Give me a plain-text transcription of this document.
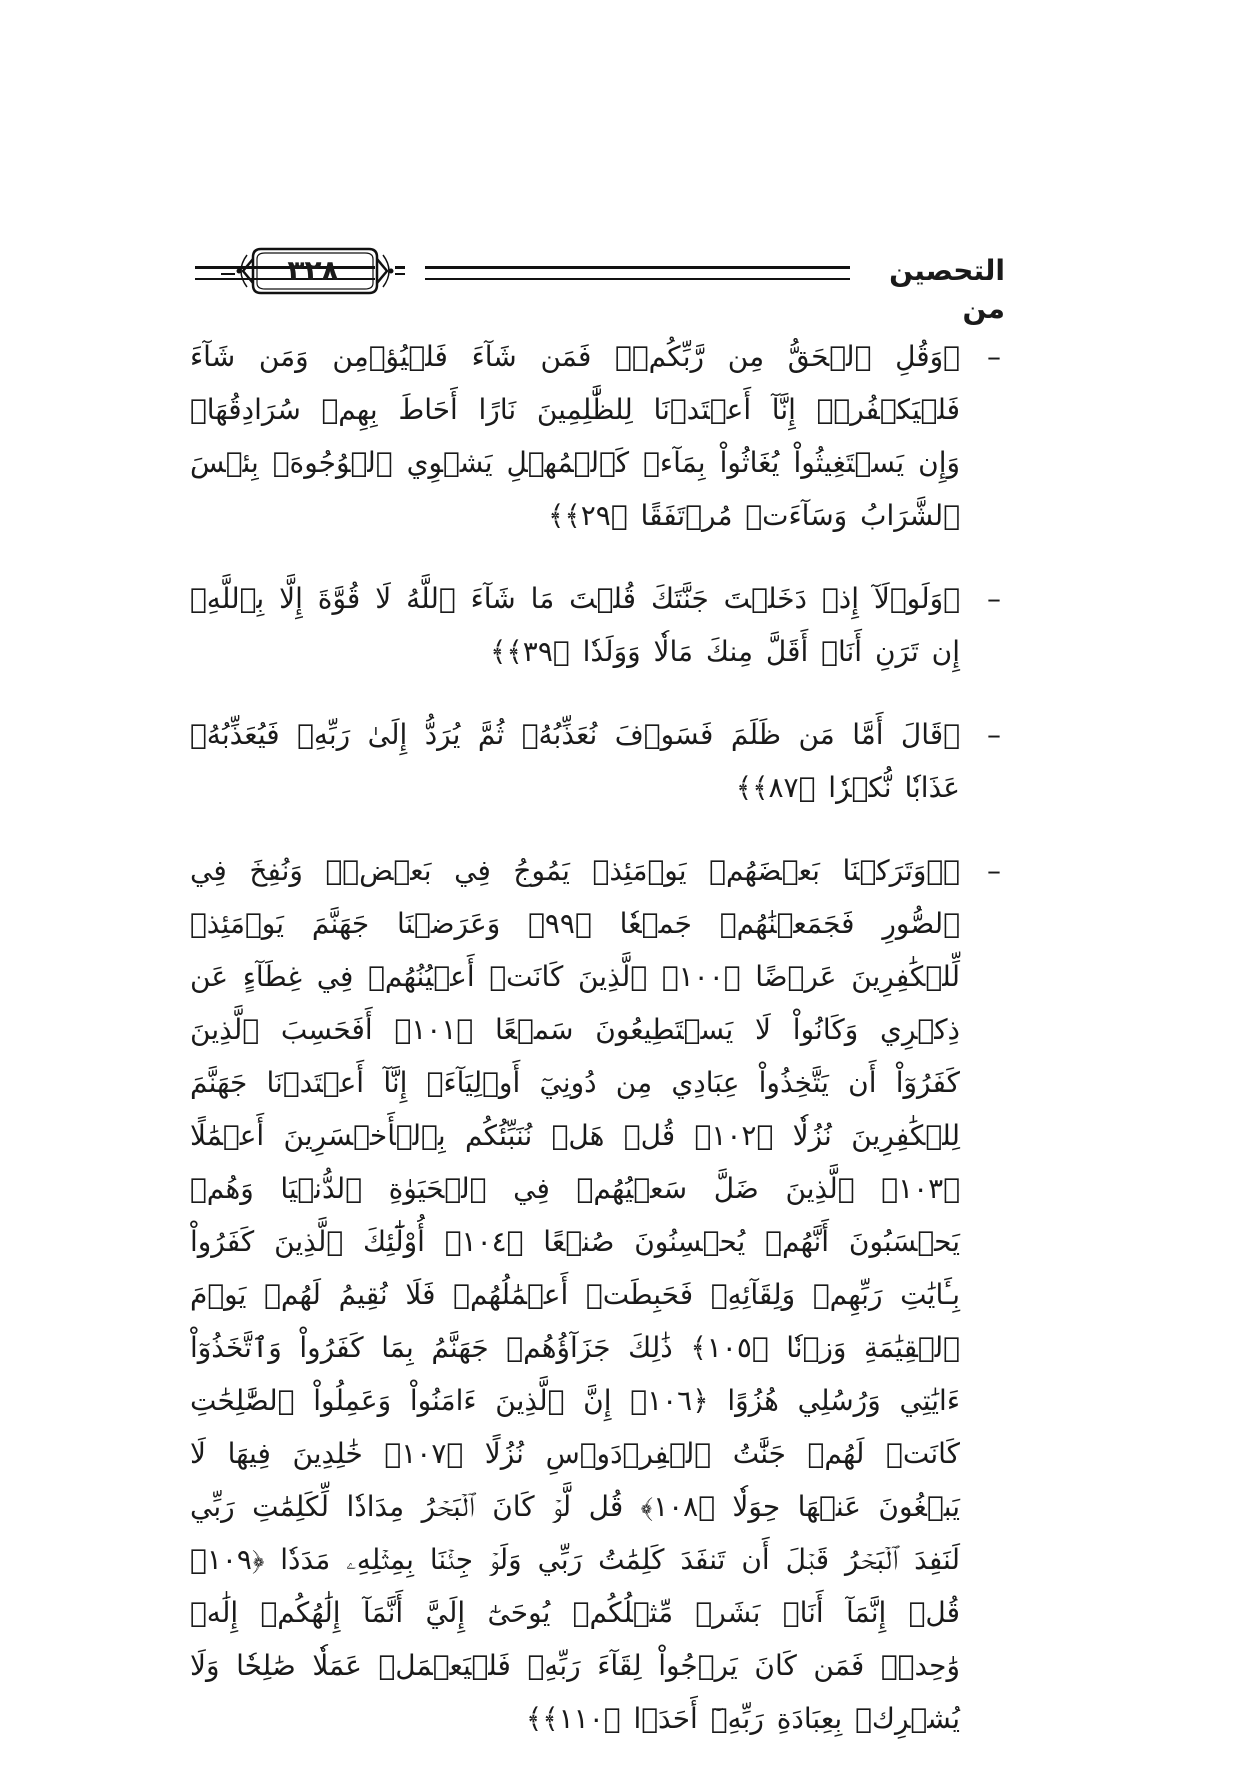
٣٢٨	التحصين من
–

﴿وَقُلِ ٱلۡحَقُّ مِن رَّبِّكُمۡۖ فَمَن شَآءَ فَلۡيُؤۡمِن وَمَن شَآءَ فَلۡيَكۡفُرۡۚ إِنَّآ أَعۡتَدۡنَا لِلظَّٰلِمِينَ نَارًا أَحَاطَ بِهِمۡ سُرَادِقُهَاۚ وَإِن يَسۡتَغِيثُواْ يُغَاثُواْ بِمَآءٖ كَٱلۡمُهۡلِ يَشۡوِي ٱلۡوُجُوهَۚ بِئۡسَ ٱلشَّرَابُ وَسَآءَتۡ مُرۡتَفَقًا ﴿٢٩﴾﴾

–

﴿وَلَوۡلَآ إِذۡ دَخَلۡتَ جَنَّتَكَ قُلۡتَ مَا شَآءَ ٱللَّهُ لَا قُوَّةَ إِلَّا بِٱللَّهِۚ إِن تَرَنِ أَنَا۠ أَقَلَّ مِنكَ مَالٗا وَوَلَدٗا ﴿٣٩﴾﴾

–

﴿قَالَ أَمَّا مَن ظَلَمَ فَسَوۡفَ نُعَذِّبُهُۥ ثُمَّ يُرَدُّ إِلَىٰ رَبِّهِۦ فَيُعَذِّبُهُۥ عَذَابٗا نُّكۡرٗا ﴿٨٧﴾﴾

–

﴿۞وَتَرَكۡنَا بَعۡضَهُمۡ يَوۡمَئِذٖ يَمُوجُ فِي بَعۡضٖۖ وَنُفِخَ فِي ٱلصُّورِ فَجَمَعۡنَٰهُمۡ جَمۡعٗا ﴿٩٩﴾ وَعَرَضۡنَا جَهَنَّمَ يَوۡمَئِذٖ لِّلۡكَٰفِرِينَ عَرۡضًا ﴿١٠٠﴾ ٱلَّذِينَ كَانَتۡ أَعۡيُنُهُمۡ فِي غِطَآءٍ عَن ذِكۡرِي وَكَانُواْ لَا يَسۡتَطِيعُونَ سَمۡعًا ﴿١٠١﴾ أَفَحَسِبَ ٱلَّذِينَ كَفَرُوٓاْ أَن يَتَّخِذُواْ عِبَادِي مِن دُونِيٓ أَوۡلِيَآءَۚ إِنَّآ أَعۡتَدۡنَا جَهَنَّمَ لِلۡكَٰفِرِينَ نُزُلٗا ﴿١٠٢﴾ قُلۡ هَلۡ نُنَبِّئُكُم بِٱلۡأَخۡسَرِينَ أَعۡمَٰلًا ﴿١٠٣﴾ ٱلَّذِينَ ضَلَّ سَعۡيُهُمۡ فِي ٱلۡحَيَوٰةِ ٱلدُّنۡيَا وَهُمۡ يَحۡسَبُونَ أَنَّهُمۡ يُحۡسِنُونَ صُنۡعًا ﴿١٠٤﴾ أُوْلَٰٓئِكَ ٱلَّذِينَ كَفَرُواْ بِـَٔايَٰتِ رَبِّهِمۡ وَلِقَآئِهِۦ فَحَبِطَتۡ أَعۡمَٰلُهُمۡ فَلَا نُقِيمُ لَهُمۡ يَوۡمَ ٱلۡقِيَٰمَةِ وَزۡنٗا ﴿١٠٥﴾ ذَٰلِكَ جَزَآؤُهُمۡ جَهَنَّمُ بِمَا كَفَرُواْ وَٱتَّخَذُوٓاْ ءَايَٰتِي وَرُسُلِي هُزُوًا ﴿١٠٦﴾ إِنَّ ٱلَّذِينَ ءَامَنُواْ وَعَمِلُواْ ٱلصَّٰلِحَٰتِ كَانَتۡ لَهُمۡ جَنَّٰتُ ٱلۡفِرۡدَوۡسِ نُزُلًا ﴿١٠٧﴾ خَٰلِدِينَ فِيهَا لَا يَبۡغُونَ عَنۡهَا حِوَلٗا ﴿١٠٨﴾ قُل لَّوۡ كَانَ ٱلۡبَحۡرُ مِدَادٗا لِّكَلِمَٰتِ رَبِّي لَنَفِدَ ٱلۡبَحۡرُ قَبۡلَ أَن تَنفَدَ كَلِمَٰتُ رَبِّي وَلَوۡ جِئۡنَا بِمِثۡلِهِۦ مَدَدٗا ﴿١٠٩﴾ قُلۡ إِنَّمَآ أَنَا۠ بَشَرٞ مِّثۡلُكُمۡ يُوحَىٰٓ إِلَيَّ أَنَّمَآ إِلَٰهُكُمۡ إِلَٰهٞ وَٰحِدٞۖ فَمَن كَانَ يَرۡجُواْ لِقَآءَ رَبِّهِۦ فَلۡيَعۡمَلۡ عَمَلٗا صَٰلِحٗا وَلَا يُشۡرِكۡ بِعِبَادَةِ رَبِّهِۦٓ أَحَدَۢا ﴿١١٠﴾﴾
